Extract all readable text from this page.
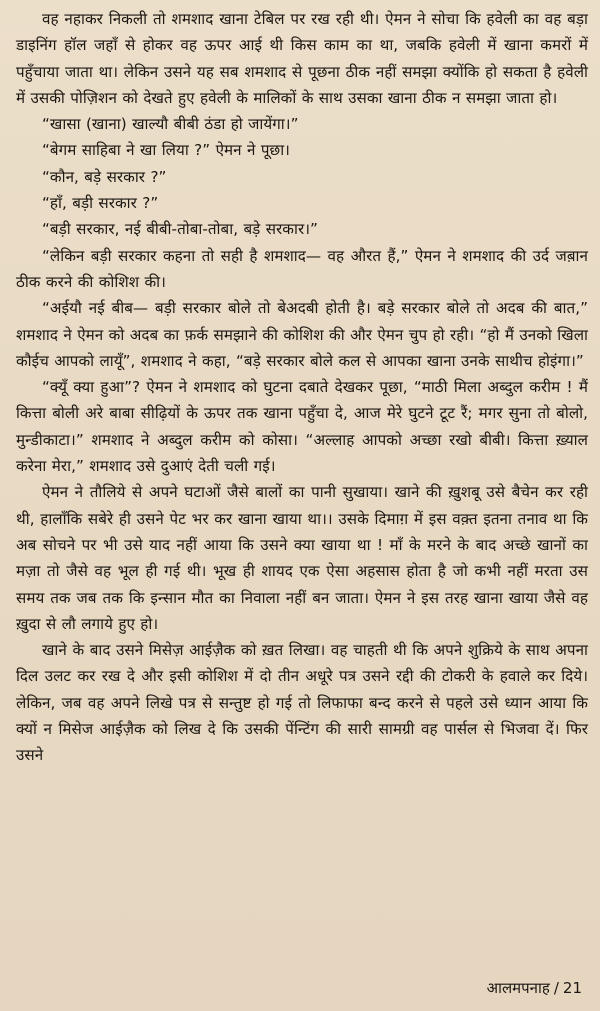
वह नहाकर निकली तो शमशाद खाना टेबिल पर रख रही थी। ऐमन ने सोचा कि हवेली का वह बड़ा डाइनिंग हॉल जहाँ से होकर वह ऊपर आई थी किस काम का था, जबकि हवेली में खाना कमरों में पहुँचाया जाता था। लेकिन उसने यह सब शमशाद से पूछना ठीक नहीं समझा क्योंकि हो सकता है हवेली में उसकी पोज़िशन को देखते हुए हवेली के मालिकों के साथ उसका खाना ठीक न समझा जाता हो।

“खासा (खाना) खाल्यौ बीबी ठंडा हो जायेंगा।”

“बेगम साहिबा ने खा लिया ?” ऐमन ने पूछा।

“कौन, बड़े सरकार ?”

“हाँ, बड़ी सरकार ?”

“बड़ी सरकार, नई बीबी-तोबा-तोबा, बड़े सरकार।”

“लेकिन बड़ी सरकार कहना तो सही है शमशाद— वह औरत हैं,” ऐमन ने शमशाद की उर्द जब़ान ठीक करने की कोशिश की।

“अईयौ नई बीब— बड़ी सरकार बोले तो बेअदबी होती है। बड़े सरकार बोले तो अदब की बात,” शमशाद ने ऐमन को अदब का फ़र्क समझाने की कोशिश की और ऐमन चुप हो रही। “हो मैं उनको खिला कौईच आपको लायूँ”, शमशाद ने कहा, “बड़े सरकार बोले कल से आपका खाना उनके साथीच होइंगा।”

“क्यूँ क्या हुआ”? ऐमन ने शमशाद को घुटना दबाते देखकर पूछा, “माठी मिला अब्दुल करीम ! मैं कित्ता बोली अरे बाबा सीढ़ियों के ऊपर तक खाना पहुँचा दे, आज मेरे घुटने टूट रैं; मगर सुना तो बोलो, मुन्डीकाटा।” शमशाद ने अब्दुल करीम को कोसा। “अल्लाह आपको अच्छा रखो बीबी। कित्ता ख़्याल करेना मेरा,” शमशाद उसे दुआएं देती चली गई।

ऐमन ने तौलिये से अपने घटाओं जैसे बालों का पानी सुखाया। खाने की ख़ुशबू उसे बैचेन कर रही थी, हालाँकि सबेरे ही उसने पेट भर कर खाना खाया था।। उसके दिमाग़ में इस वक़्त इतना तनाव था कि अब सोचने पर भी उसे याद नहीं आया कि उसने क्या खाया था ! माँ के मरने के बाद अच्छे खानों का मज़ा तो जैसे वह भूल ही गई थी। भूख ही शायद एक ऐसा अहसास होता है जो कभी नहीं मरता उस समय तक जब तक कि इन्सान मौत का निवाला नहीं बन जाता। ऐमन ने इस तरह खाना खाया जैसे वह ख़ुदा से लौ लगाये हुए हो।

खाने के बाद उसने मिसेज़ आईज़ैक को ख़त लिखा। वह चाहती थी कि अपने शुक्रिये के साथ अपना दिल उलट कर रख दे और इसी कोशिश में दो तीन अधूरे पत्र उसने रद्दी की टोकरी के हवाले कर दिये। लेकिन, जब वह अपने लिखे पत्र से सन्तुष्ट हो गई तो लिफाफा बन्द करने से पहले उसे ध्यान आया कि क्यों न मिसेज आईज़ैक को लिख दे कि उसकी पेंन्टिंग की सारी सामग्री वह पार्सल से भिजवा दें। फिर उसने

आलमपनाह / 21
